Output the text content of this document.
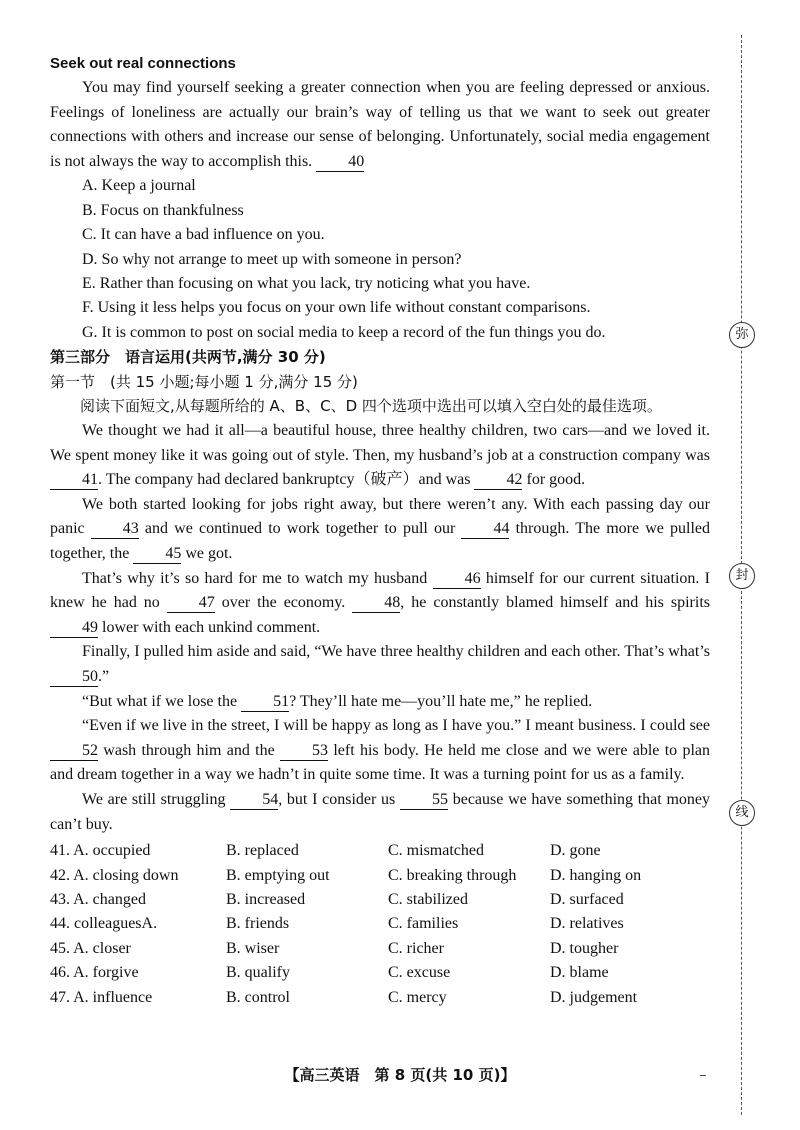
Seek out real connections

You may find yourself seeking a greater connection when you are feeling depressed or anxious. Feelings of loneliness are actually our brain’s way of telling us that we want to seek out greater connections with others and increase our sense of belonging. Unfortunately, social media engagement is not always the way to accomplish this. 40

A. Keep a journal

B. Focus on thankfulness

C. It can have a bad influence on you.

D. So why not arrange to meet up with someone in person?

E. Rather than focusing on what you lack, try noticing what you have.

F. Using it less helps you focus on your own life without constant comparisons.

G. It is common to post on social media to keep a record of the fun things you do.

第三部分　语言运用(共两节,满分 30 分)

第一节　(共 15 小题;每小题 1 分,满分 15 分)

阅读下面短文,从每题所给的 A、B、C、D 四个选项中选出可以填入空白处的最佳选项。

We thought we had it all—a beautiful house, three healthy children, two cars—and we loved it. We spent money like it was going out of style. Then, my husband’s job at a construction company was 41. The company had declared bankruptcy（破产）and was 42 for good.

We both started looking for jobs right away, but there weren’t any. With each passing day our panic 43 and we continued to work together to pull our 44 through. The more we pulled together, the 45 we got.

That’s why it’s so hard for me to watch my husband 46 himself for our current situation. I knew he had no 47 over the economy. 48, he constantly blamed himself and his spirits 49 lower with each unkind comment.

Finally, I pulled him aside and said, “We have three healthy children and each other. That’s what’s 50.”

“But what if we lose the 51? They’ll hate me—you’ll hate me,” he replied.

“Even if we live in the street, I will be happy as long as I have you.” I meant business. I could see 52 wash through him and the 53 left his body. He held me close and we were able to plan and dream together in a way we hadn’t in quite some time. It was a turning point for us as a family.

We are still struggling 54, but I consider us 55 because we have something that money can’t buy.

41. A. occupied	B. replaced	C. mismatched	D. gone
42. A. closing down	B. emptying out	C. breaking through	D. hanging on
43. A. changed	B. increased	C. stabilized	D. surfaced
44. colleaguesA.	B. friends	C. families	D. relatives
45. A. closer	B. wiser	C. richer	D. tougher
46. A. forgive	B. qualify	C. excuse	D. blame
47. A. influence	B. control	C. mercy	D. judgement
弥
封
线
【高三英语　第 8 页(共 10 页)】
